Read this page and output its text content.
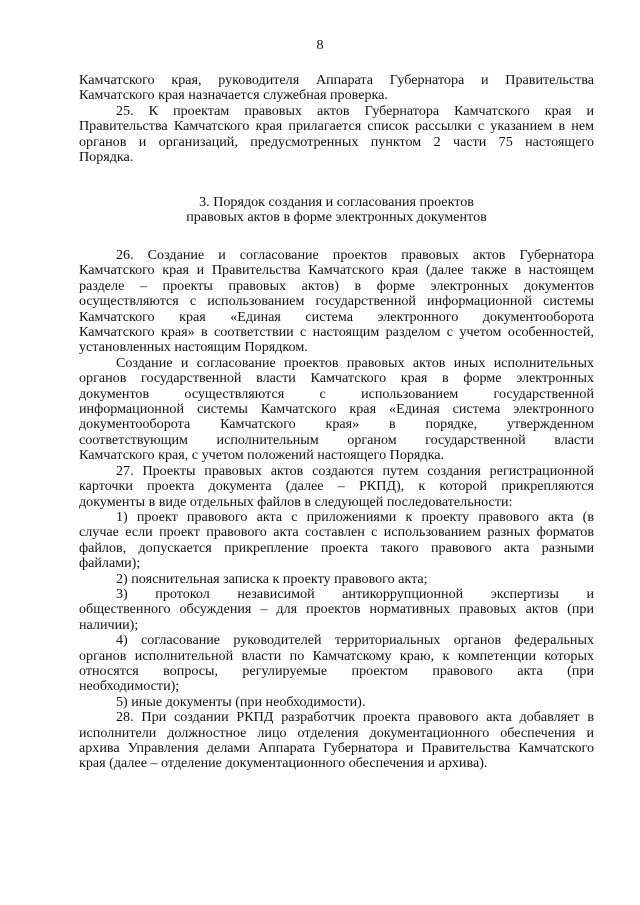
8

Камчатского края, руководителя Аппарата Губернатора и Правительства
Камчатского края назначается служебная проверка.

25. К проектам правовых актов Губернатора Камчатского края и
Правительства Камчатского края прилагается список рассылки с указанием в нем
органов и организаций, предусмотренных пунктом 2 части 75 настоящего
Порядка.

3. Порядок создания и согласования проектов
правовых актов в форме электронных документов

26. Создание и согласование проектов правовых актов Губернатора
Камчатского края и Правительства Камчатского края (далее также в настоящем
разделе – проекты правовых актов) в форме электронных документов
осуществляются с использованием государственной информационной системы
Камчатского края «Единая система электронного документооборота
Камчатского края» в соответствии с настоящим разделом с учетом особенностей,
установленных настоящим Порядком.

Создание и согласование проектов правовых актов иных исполнительных
органов государственной власти Камчатского края в форме электронных
документов осуществляются с использованием государственной
информационной системы Камчатского края «Единая система электронного
документооборота Камчатского края» в порядке, утвержденном
соответствующим исполнительным органом государственной власти
Камчатского края, с учетом положений настоящего Порядка.

27. Проекты правовых актов создаются путем создания регистрационной
карточки проекта документа (далее – РКПД), к которой прикрепляются
документы в виде отдельных файлов в следующей последовательности:

1) проект правового акта с приложениями к проекту правового акта (в
случае если проект правового акта составлен с использованием разных форматов
файлов, допускается прикрепление проекта такого правового акта разными
файлами);

2) пояснительная записка к проекту правового акта;

3) протокол независимой антикоррупционной экспертизы и
общественного обсуждения – для проектов нормативных правовых актов (при
наличии);

4) согласование руководителей территориальных органов федеральных
органов исполнительной власти по Камчатскому краю, к компетенции которых
относятся вопросы, регулируемые проектом правового акта (при
необходимости);

5) иные документы (при необходимости).

28. При создании РКПД разработчик проекта правового акта добавляет в
исполнители должностное лицо отделения документационного обеспечения и
архива Управления делами Аппарата Губернатора и Правительства Камчатского
края (далее – отделение документационного обеспечения и архива).
